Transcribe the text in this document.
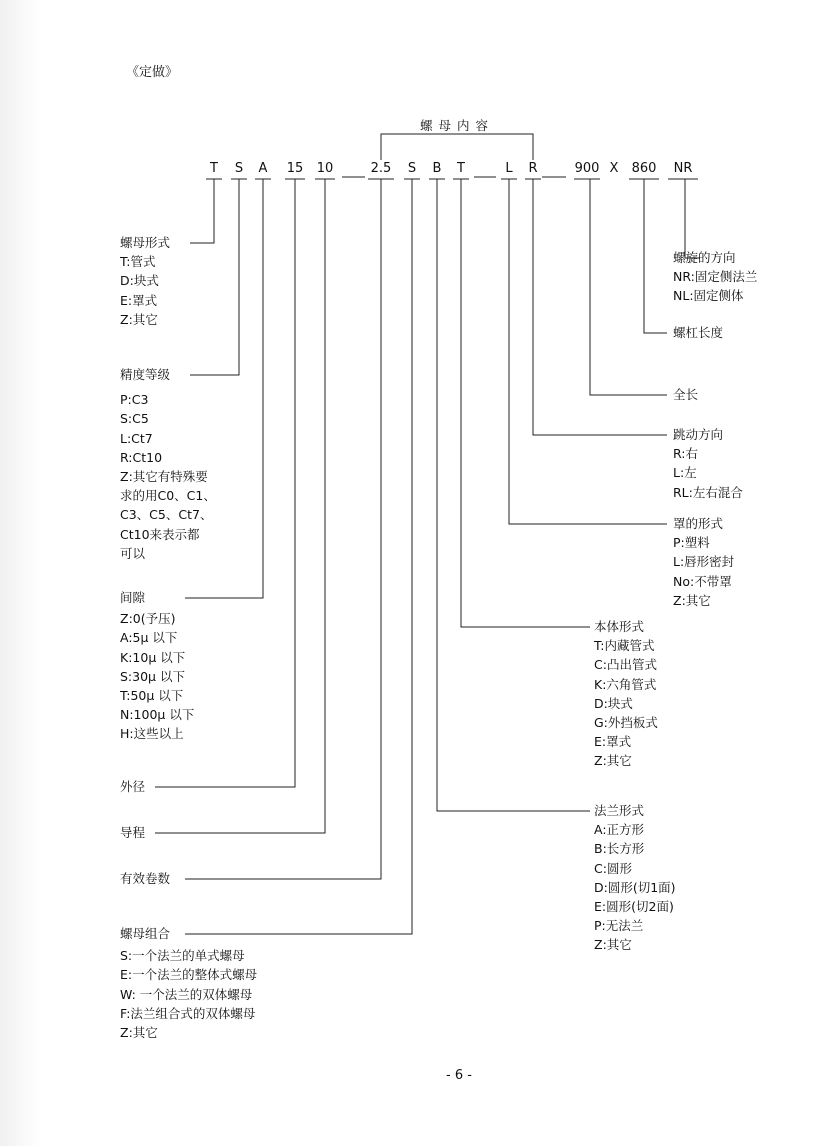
《定做》
螺母内容
T	S	A	15	10	2.5	S	B	T	L	R	900 X	860	NR
螺母形式
T:管式
D:块式
E:罩式
Z:其它
精度等级
P:C3
S:C5
L:Ct7
R:Ct10
Z:其它有特殊要
求的用C0、C1、
C3、C5、Ct7、
Ct10来表示都
可以
间隙
Z:0(予压)
A:5μ 以下
K:10μ 以下
S:30μ 以下
T:50μ 以下
N:100μ 以下
H:这些以上
外径
导程
有效卷数
螺母组合
S:一个法兰的单式螺母
E:一个法兰的整体式螺母
W: 一个法兰的双体螺母
F:法兰组合式的双体螺母
Z:其它
螺旋的方向
NR:固定侧法兰
NL:固定侧体
螺杠长度
全长
跳动方向
R:右
L:左
RL:左右混合
罩的形式
P:塑料
L:唇形密封
No:不带罩
Z:其它
本体形式
T:内藏管式
C:凸出管式
K:六角管式
D:块式
G:外挡板式
E:罩式
Z:其它
法兰形式
A:正方形
B:长方形
C:圆形
D:圆形(切1面)
E:圆形(切2面)
P:无法兰
Z:其它
- 6 -
